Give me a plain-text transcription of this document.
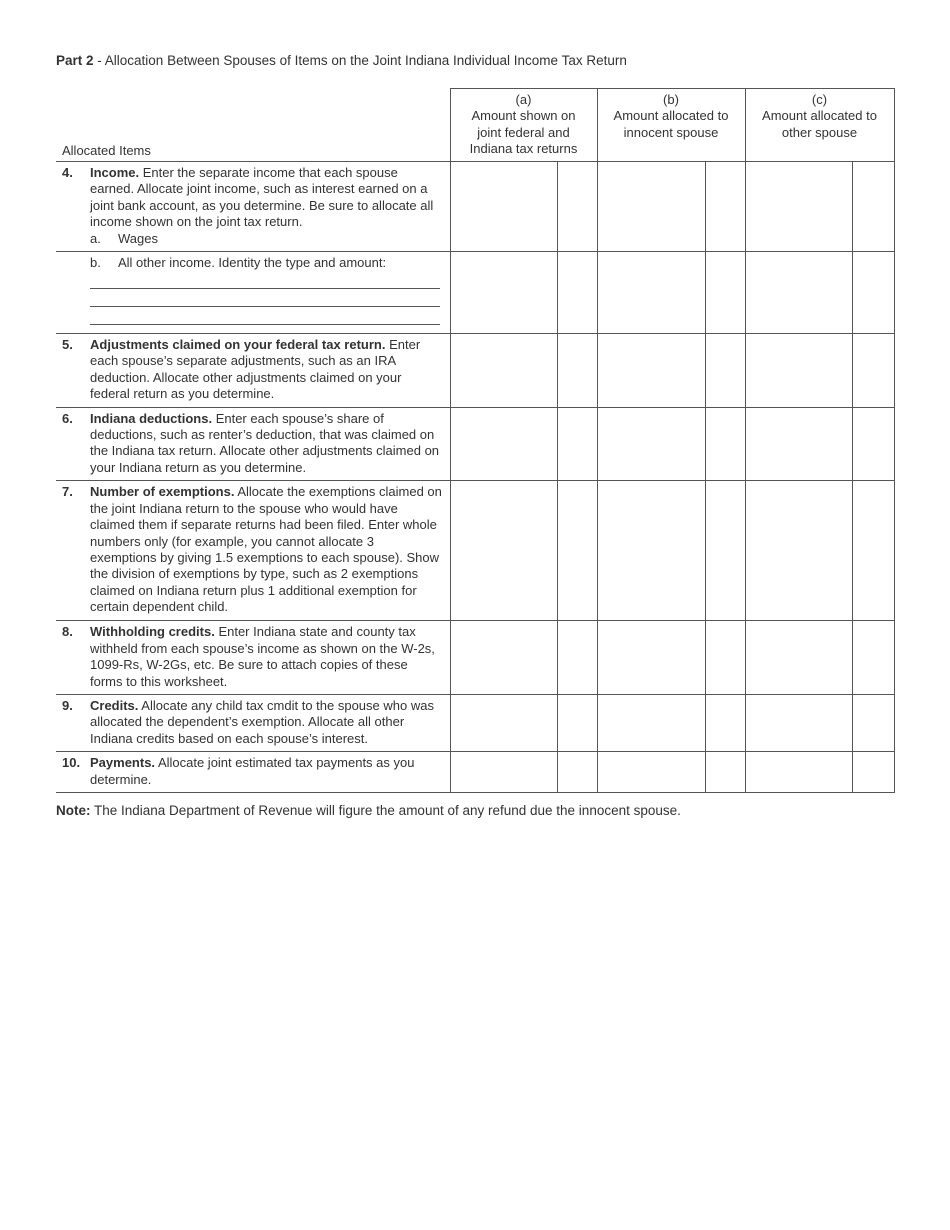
Part 2 - Allocation Between Spouses of Items on the Joint Indiana Individual Income Tax Return
Allocated Items	(a)
Amount shown on
joint federal and
Indiana tax returns		(b)
Amount allocated to
innocent spouse		(c)
Amount allocated to
other spouse	

4. Income. Enter the separate income that each spouse earned. Allocate joint income, such as interest earned on a joint bank account, as you determine. Be sure to allocate all income shown on the joint tax return.
a. Wages						

b. All other income. Identity the type and amount:						

5. Adjustments claimed on your federal tax return. Enter each spouse’s separate adjustments, such as an IRA deduction. Allocate other adjustments claimed on your federal return as you determine.						

6. Indiana deductions. Enter each spouse’s share of deductions, such as renter’s deduction, that was claimed on the Indiana tax return. Allocate other adjustments claimed on your Indiana return as you determine.						

7. Number of exemptions. Allocate the exemptions claimed on the joint Indiana return to the spouse who would have claimed them if separate returns had been filed. Enter whole numbers only (for example, you cannot allocate 3 exemptions by giving 1.5 exemptions to each spouse). Show the division of exemptions by type, such as 2 exemptions claimed on Indiana return plus 1 additional exemption for certain dependent child.						

8. Withholding credits. Enter Indiana state and county tax withheld from each spouse’s income as shown on the W-2s, 1099-Rs, W-2Gs, etc. Be sure to attach copies of these forms to this worksheet.						

9. Credits. Allocate any child tax cmdit to the spouse who was allocated the dependent’s exemption. Allocate all other Indiana credits based on each spouse’s interest.						

10. Payments. Allocate joint estimated tax payments as you determine.						

Note: The Indiana Department of Revenue will figure the amount of any refund due the innocent spouse.
